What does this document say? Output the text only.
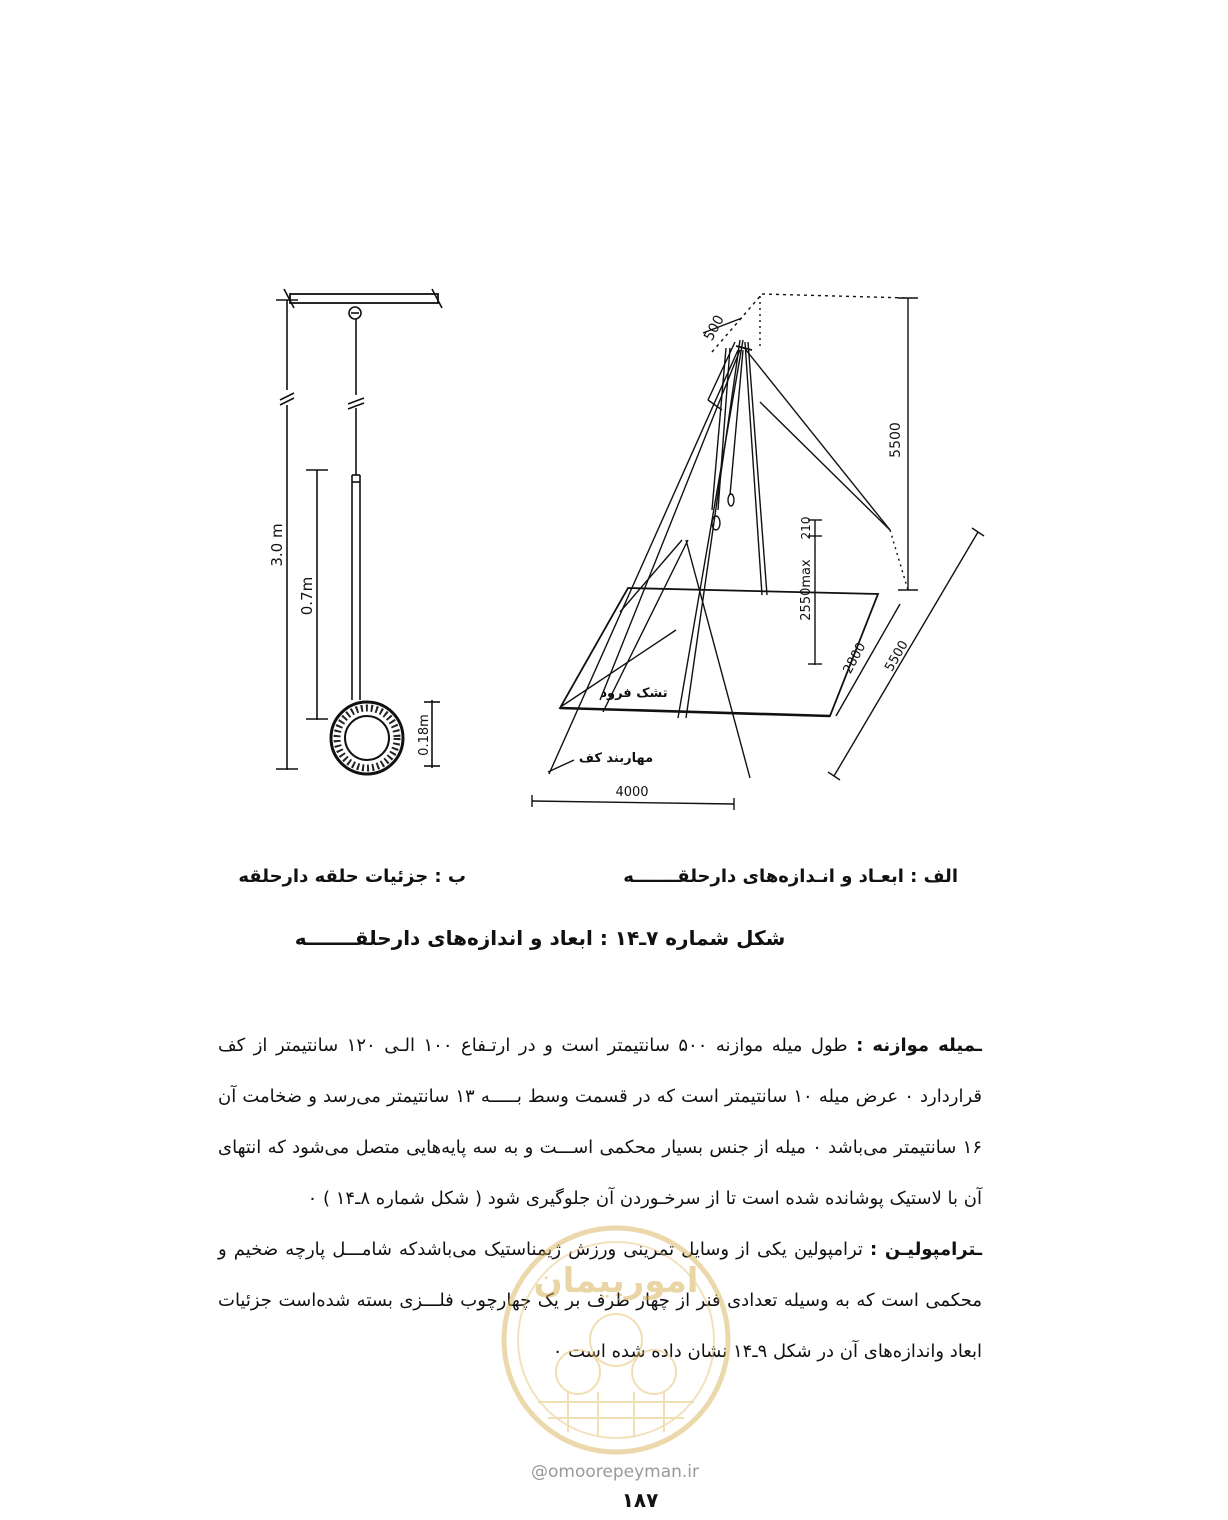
3.0 m
0.7m
0.18m
500
5500
210
2550max
2800 5500
4000
تشک فرود
مهاربند کف
الف : ابعـاد و انـدازه‌های دارحلقـــــــه
ب : جزئیات حلقه دارحلقه
شکل شماره ۷ـ۱۴ : ابعاد و اندازه‌های دارحلقـــــــه

ـمیله موازنه : طول میله موازنه ۵۰۰ سانتیمتر است و در ارتـفاع ۱۰۰ الـی ۱۲۰ سانتیمتر از کف قراردارد ۰ عرض میله ۱۰ سانتیمتر است که در قسمت وسط بـــــه ۱۳ سانتیمتر می‌رسد و ضخامت آن ۱۶ سانتیمتر می‌باشد ۰ میله از جنس بسیار محکمی اســـت و به سه پایه‌هایی متصل می‌شود که انتهای آن با لاستیک پوشانده شده است تا از سرخـوردن آن جلوگیری شود ( شکل شماره ۸ـ۱۴ ) ۰

ـترامپولیـن : ترامپولین یکی از وسایل تمرینی ورزش ژیمناستیک می‌باشدکه شامـــل پارچه ضخیم و محکمی است که به وسیله تعدادی فنر از چهار طرف بر یک چهارچوب فلـــزی بسته شده‌است جزئیات ابعاد واندازه‌های آن در شکل ۹ـ۱۴ نشان داده شده است ۰

امورپیمان
@omoorepeyman.ir
۱۸۷
